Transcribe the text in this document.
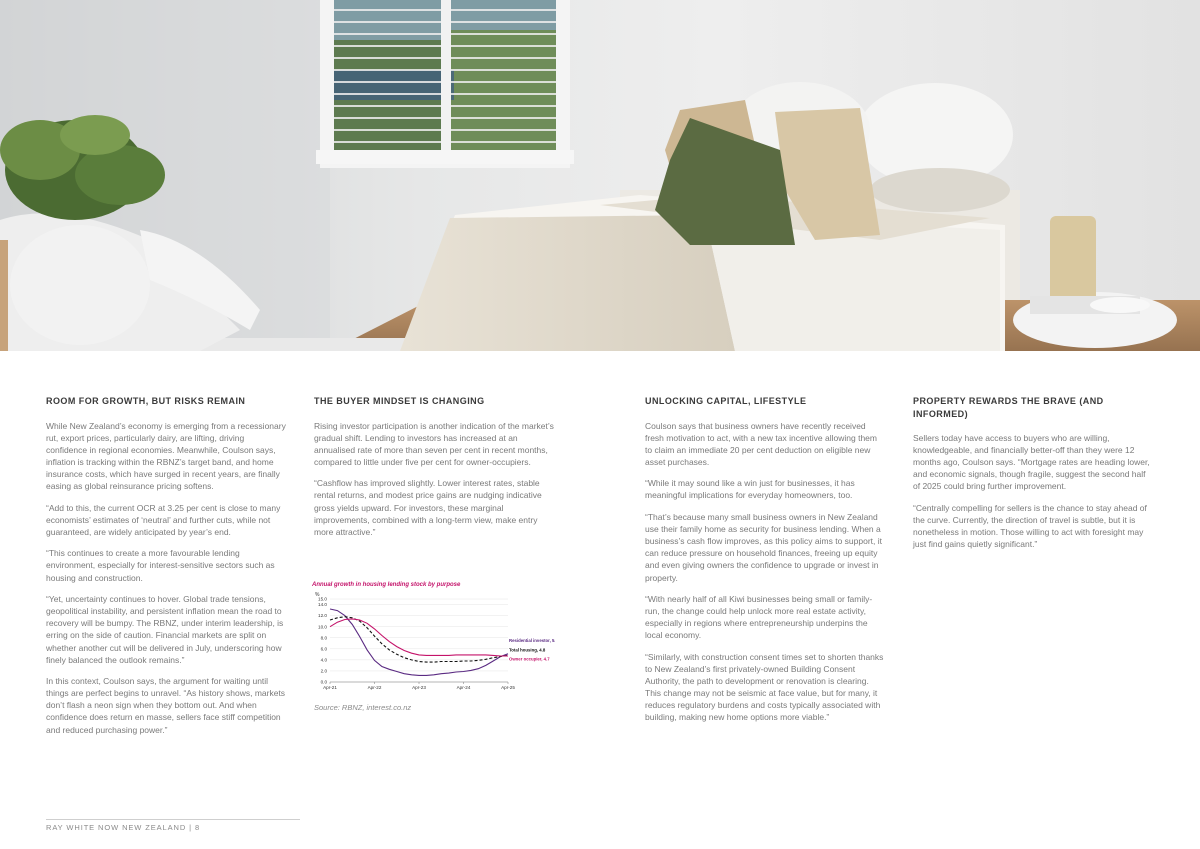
ROOM FOR GROWTH, BUT RISKS REMAIN

While New Zealand’s economy is emerging from a recessionary rut, export prices, particularly dairy, are lifting, driving confidence in regional economies. Meanwhile, Coulson says, inflation is tracking within the RBNZ’s target band, and home insurance costs, which have surged in recent years, are finally easing as global reinsurance pricing softens.

“Add to this, the current OCR at 3.25 per cent is close to many economists’ estimates of ‘neutral’ and further cuts, while not guaranteed, are widely anticipated by year’s end.

“This continues to create a more favourable lending environment, especially for interest-sensitive sectors such as housing and construction.

“Yet, uncertainty continues to hover. Global trade tensions, geopolitical instability, and persistent inflation mean the road to recovery will be bumpy. The RBNZ, under interim leadership, is erring on the side of caution. Financial markets are split on whether another cut will be delivered in July, underscoring how finely balanced the outlook remains.”

In this context, Coulson says, the argument for waiting until things are perfect begins to unravel. “As history shows, markets don’t flash a neon sign when they bottom out. And when confidence does return en masse, sellers face stiff competition and reduced purchasing power.”

THE BUYER MINDSET IS CHANGING

Rising investor participation is another indication of the market’s gradual shift. Lending to investors has increased at an annualised rate of more than seven per cent in recent months, compared to little under five per cent for owner-occupiers.

“Cashflow has improved slightly. Lower interest rates, stable rental returns, and modest price gains are nudging indicative gross yields upward. For investors, these marginal improvements, combined with a long-term view, make entry more attractive.”

Annual growth in housing lending stock by purpose
%
15.0
14.0
12.0
10.0
8.0
6.0
4.0
2.0
0.0
Apr-21	Apr-22	Apr-23	Apr-24	Apr-25
Residential investor, 5.1
Total housing, 4.8
Owner occupier, 4.7
Source: RBNZ, interest.co.nz
UNLOCKING CAPITAL, LIFESTYLE

Coulson says that business owners have recently received fresh motivation to act, with a new tax incentive allowing them to claim an immediate 20 per cent deduction on eligible new asset purchases.

“While it may sound like a win just for businesses, it has meaningful implications for everyday homeowners, too.

“That’s because many small business owners in New Zealand use their family home as security for business lending. When a business’s cash flow improves, as this policy aims to support, it can reduce pressure on household finances, freeing up equity and even giving owners the confidence to upgrade or invest in property.

“With nearly half of all Kiwi businesses being small or family-run, the change could help unlock more real estate activity, especially in regions where entrepreneurship underpins the local economy.

“Similarly, with construction consent times set to shorten thanks to New Zealand’s first privately-owned Building Consent Authority, the path to development or renovation is clearing. This change may not be seismic at face value, but for many, it reduces regulatory burdens and costs typically associated with building, making new home options more viable.”

PROPERTY REWARDS THE BRAVE (AND INFORMED)

Sellers today have access to buyers who are willing, knowledgeable, and financially better-off than they were 12 months ago, Coulson says. “Mortgage rates are heading lower, and economic signals, though fragile, suggest the second half of 2025 could bring further improvement.

“Centrally compelling for sellers is the chance to stay ahead of the curve. Currently, the direction of travel is subtle, but it is nonetheless in motion. Those willing to act with foresight may just find gains quietly significant.”

RAY WHITE NOW NEW ZEALAND | 8
